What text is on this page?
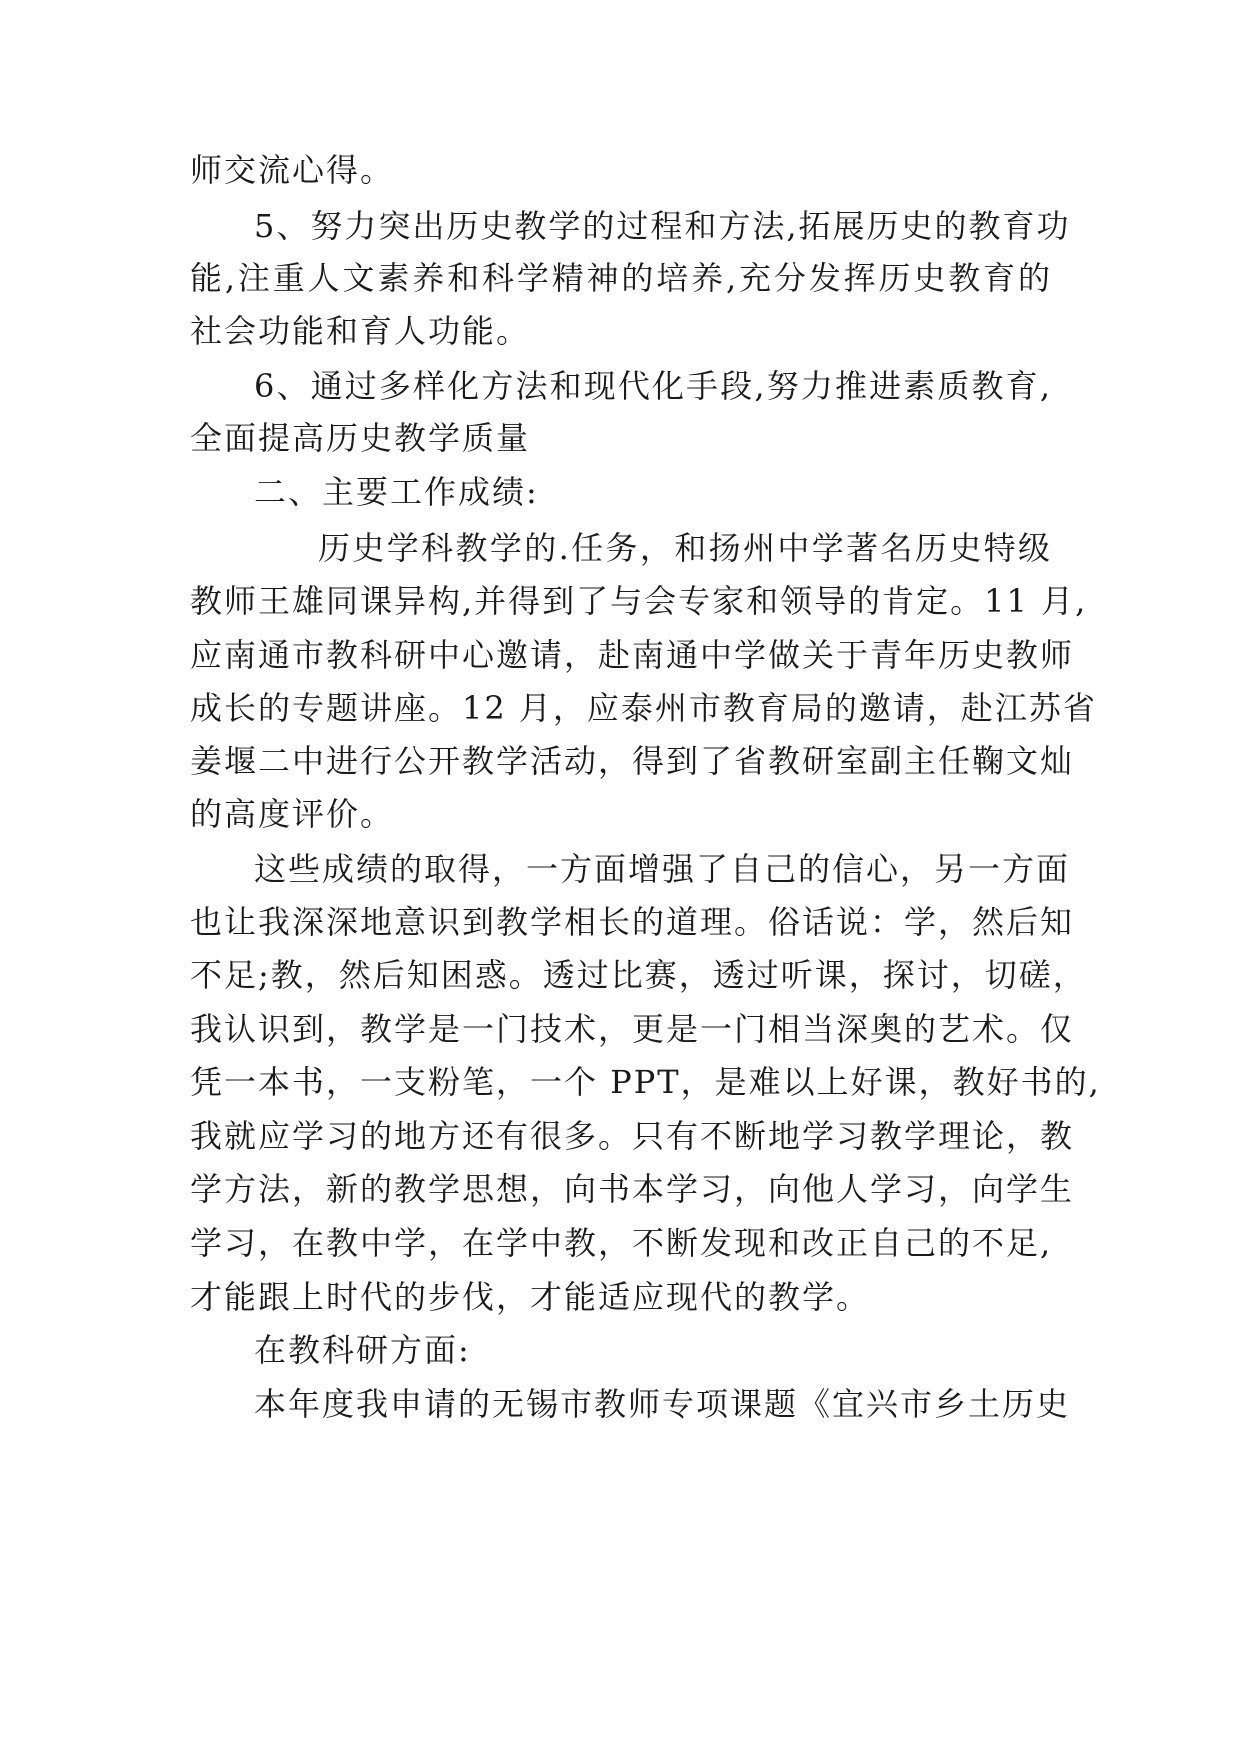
师交流心得。
5、努力突出历史教学的过程和方法,拓展历史的教育功
能,注重人文素养和科学精神的培养,充分发挥历史教育的
社会功能和育人功能。
6、通过多样化方法和现代化手段,努力推进素质教育,
全面提高历史教学质量
二、主要工作成绩:
历史学科教学的.任务，和扬州中学著名历史特级
教师王雄同课异构,并得到了与会专家和领导的肯定。11 月,
应南通市教科研中心邀请，赴南通中学做关于青年历史教师
成长的专题讲座。12 月，应泰州市教育局的邀请，赴江苏省
姜堰二中进行公开教学活动，得到了省教研室副主任鞠文灿
的高度评价。
这些成绩的取得，一方面增强了自己的信心，另一方面
也让我深深地意识到教学相长的道理。俗话说：学，然后知
不足;教，然后知困惑。透过比赛，透过听课，探讨，切磋，
我认识到，教学是一门技术，更是一门相当深奥的艺术。仅
凭一本书，一支粉笔，一个 PPT，是难以上好课，教好书的,
我就应学习的地方还有很多。只有不断地学习教学理论，教
学方法，新的教学思想，向书本学习，向他人学习，向学生
学习，在教中学，在学中教，不断发现和改正自己的不足,
才能跟上时代的步伐，才能适应现代的教学。
在教科研方面:
本年度我申请的无锡市教师专项课题《宜兴市乡土历史
